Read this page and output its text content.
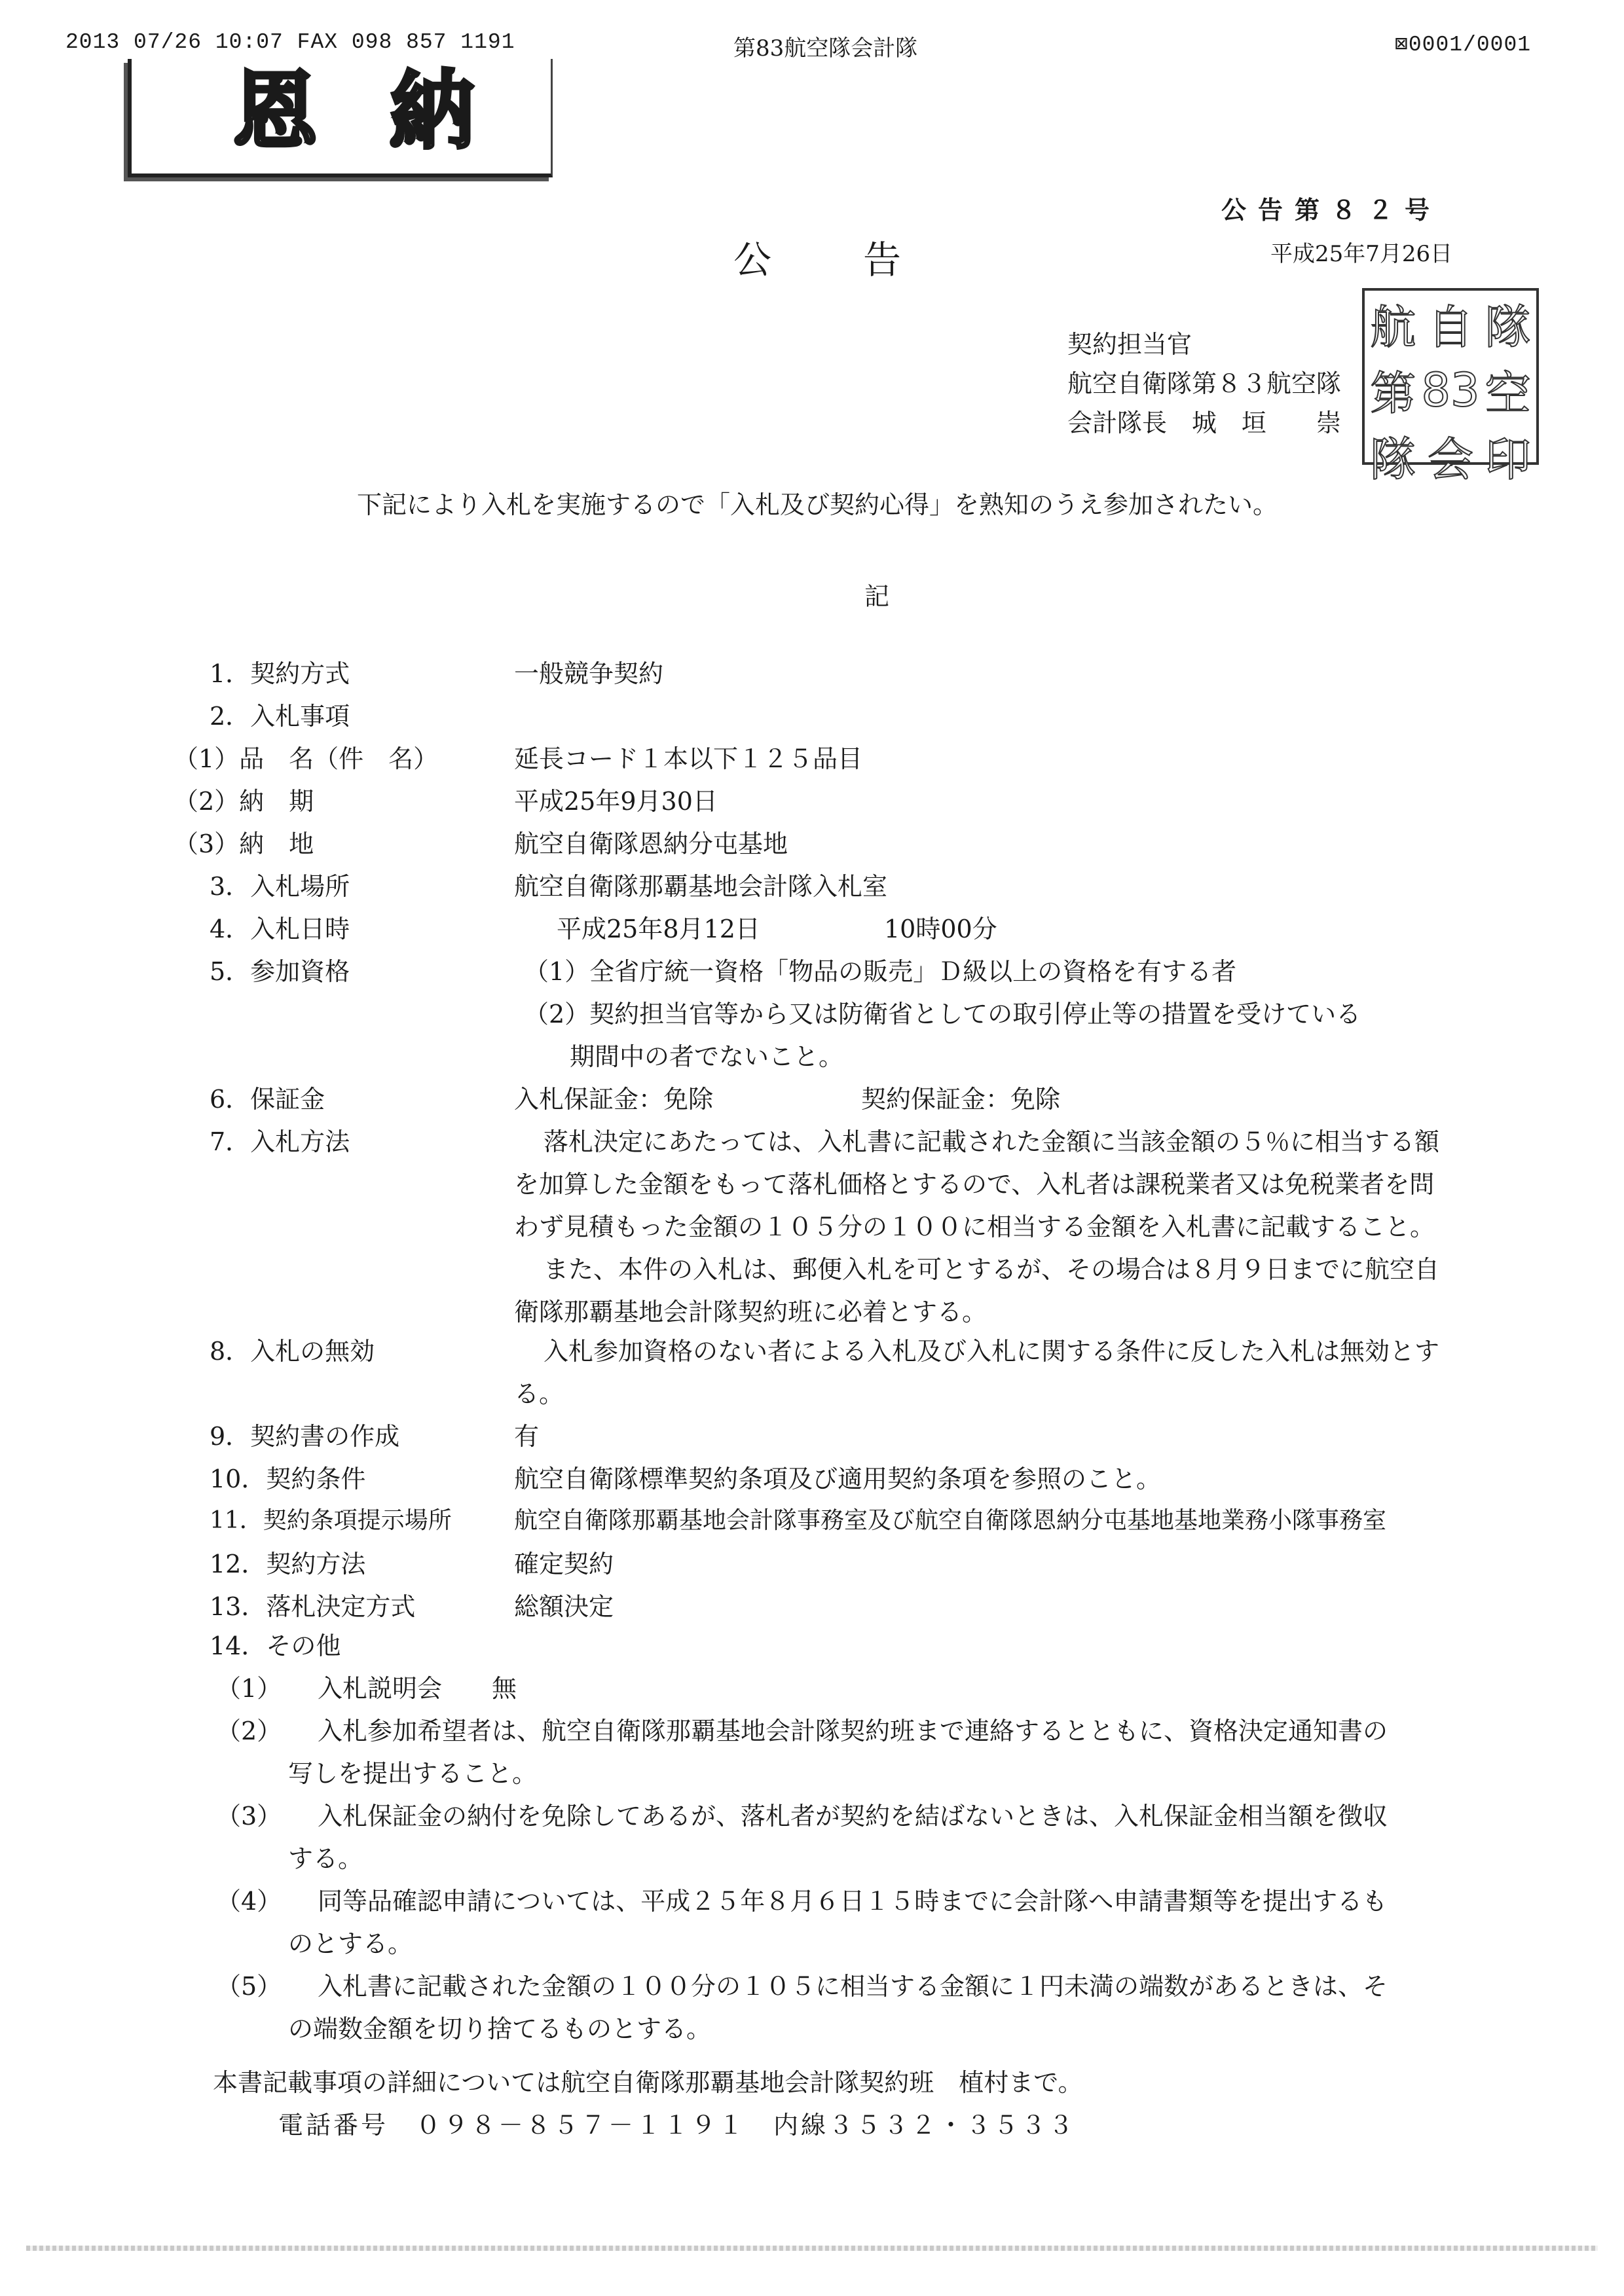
2013 07/26 10:07 FAX 098 857 1191	第83航空隊会計隊	⊠0001/0001
恩納
公告第８２号
公告	平成25年7月26日
契約担当官
航空自衛隊第８３航空隊
会計隊長　城　垣　　崇
航 自 隊
第 83 空
隊 会 印
下記により入札を実施するので「入札及び契約心得」を熟知のうえ参加されたい。
記
1．契約方式	一般競争契約
2．入札事項
（1）品　名（件　名）	延長コード１本以下１２５品目
（2）納　期	平成25年9月30日
（3）納　地	航空自衛隊恩納分屯基地
3．入札場所	航空自衛隊那覇基地会計隊入札室
4．入札日時	平成25年8月12日	10時00分
5．参加資格	（1）全省庁統一資格「物品の販売」Ｄ級以上の資格を有する者
（2）契約担当官等から又は防衛省としての取引停止等の措置を受けている
期間中の者でないこと。
6．保証金	入札保証金：免除	契約保証金：免除
7．入札方法	落札決定にあたっては、入札書に記載された金額に当該金額の５％に相当する額
を加算した金額をもって落札価格とするので、入札者は課税業者又は免税業者を問
わず見積もった金額の１０５分の１００に相当する金額を入札書に記載すること。
また、本件の入札は、郵便入札を可とするが、その場合は８月９日までに航空自
衛隊那覇基地会計隊契約班に必着とする。
8．入札の無効	入札参加資格のない者による入札及び入札に関する条件に反した入札は無効とす
る。
9．契約書の作成	有
10．契約条件	航空自衛隊標準契約条項及び適用契約条項を参照のこと。
11．契約条項提示場所	航空自衛隊那覇基地会計隊事務室及び航空自衛隊恩納分屯基地基地業務小隊事務室
12．契約方法	確定契約
13．落札決定方式	総額決定
14．その他
（1） 入札説明会　　無
（2） 入札参加希望者は、航空自衛隊那覇基地会計隊契約班まで連絡するとともに、資格決定通知書の
写しを提出すること。
（3） 入札保証金の納付を免除してあるが、落札者が契約を結ばないときは、入札保証金相当額を徴収
する。
（4） 同等品確認申請については、平成２５年８月６日１５時までに会計隊へ申請書類等を提出するも
のとする。
（5） 入札書に記載された金額の１００分の１０５に相当する金額に１円未満の端数があるときは、そ
の端数金額を切り捨てるものとする。
本書記載事項の詳細については航空自衛隊那覇基地会計隊契約班　植村まで。
電話番号　０９８－８５７－１１９１　内線３５３２・３５３３
